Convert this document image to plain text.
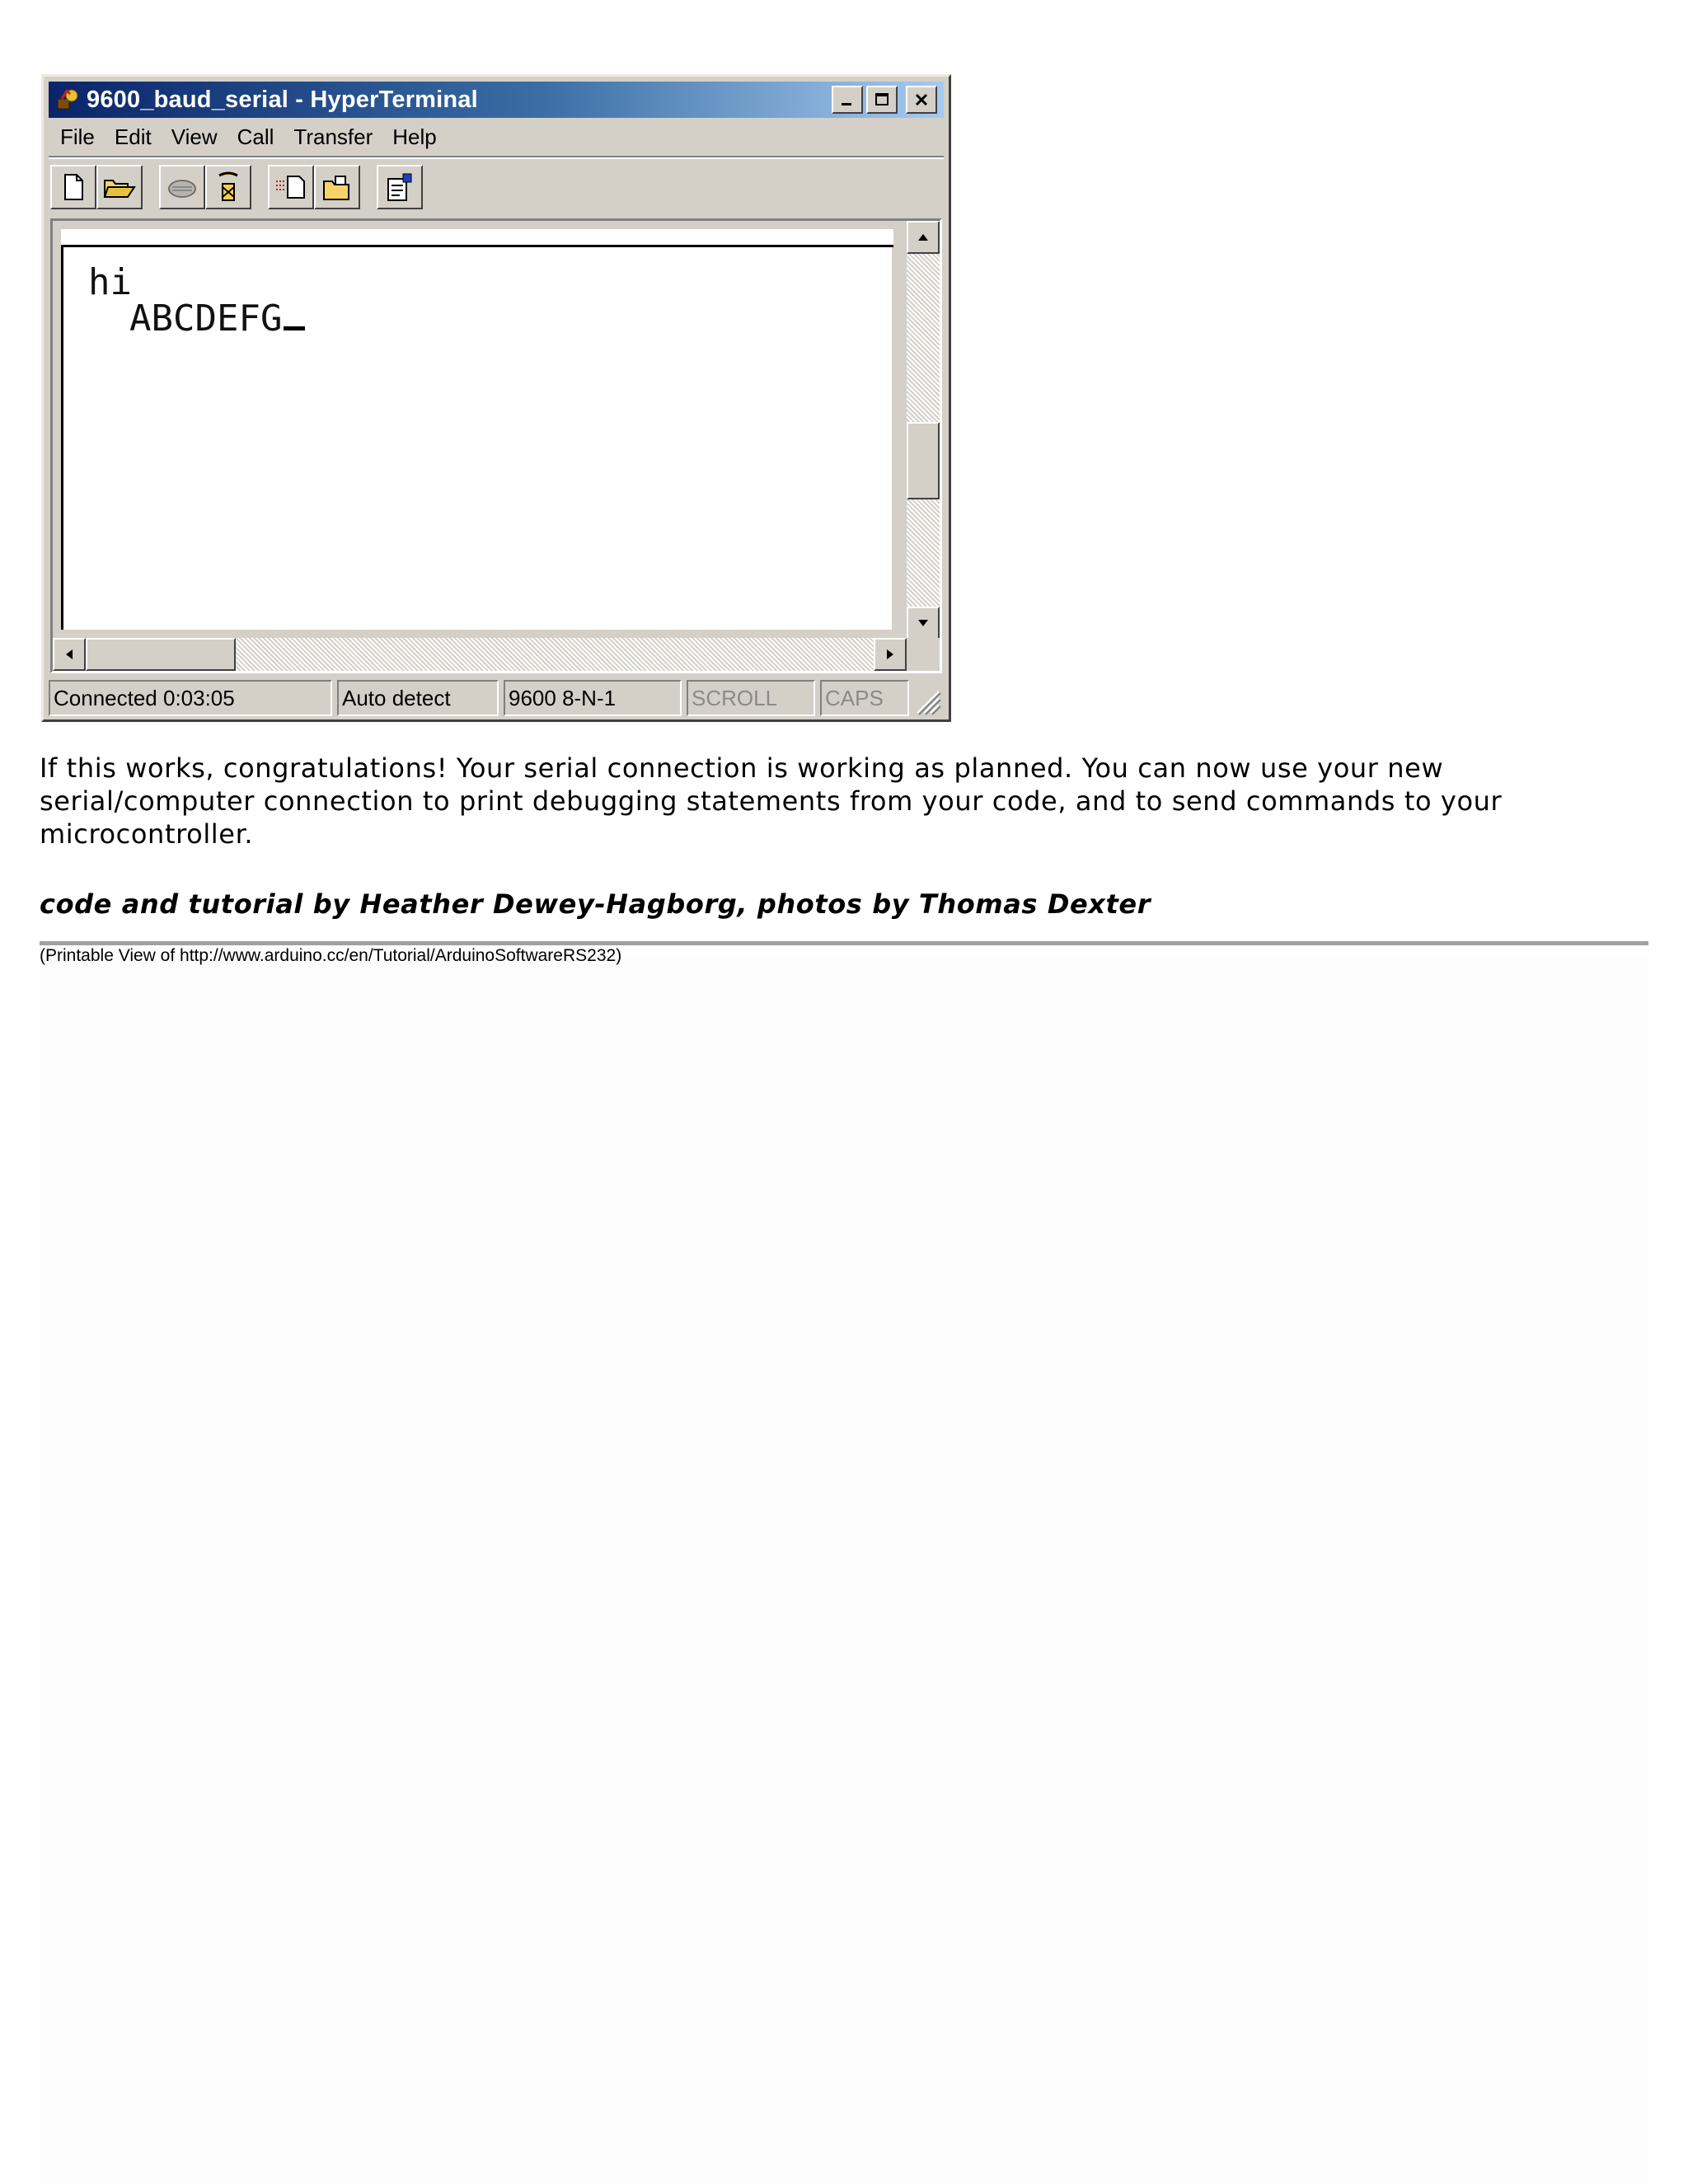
9600_baud_serial - HyperTerminal
File Edit View Call Transfer Help
hi
ABCDEFG
Connected 0:03:05	Auto detect	9600 8-N-1	SCROLL	CAPS

If this works, congratulations! Your serial connection is working as planned. You can now use your new serial/computer connection to print debugging statements from your code, and to send commands to your microcontroller.

code and tutorial by Heather Dewey-Hagborg, photos by Thomas Dexter
(Printable View of http://www.arduino.cc/en/Tutorial/ArduinoSoftwareRS232)
